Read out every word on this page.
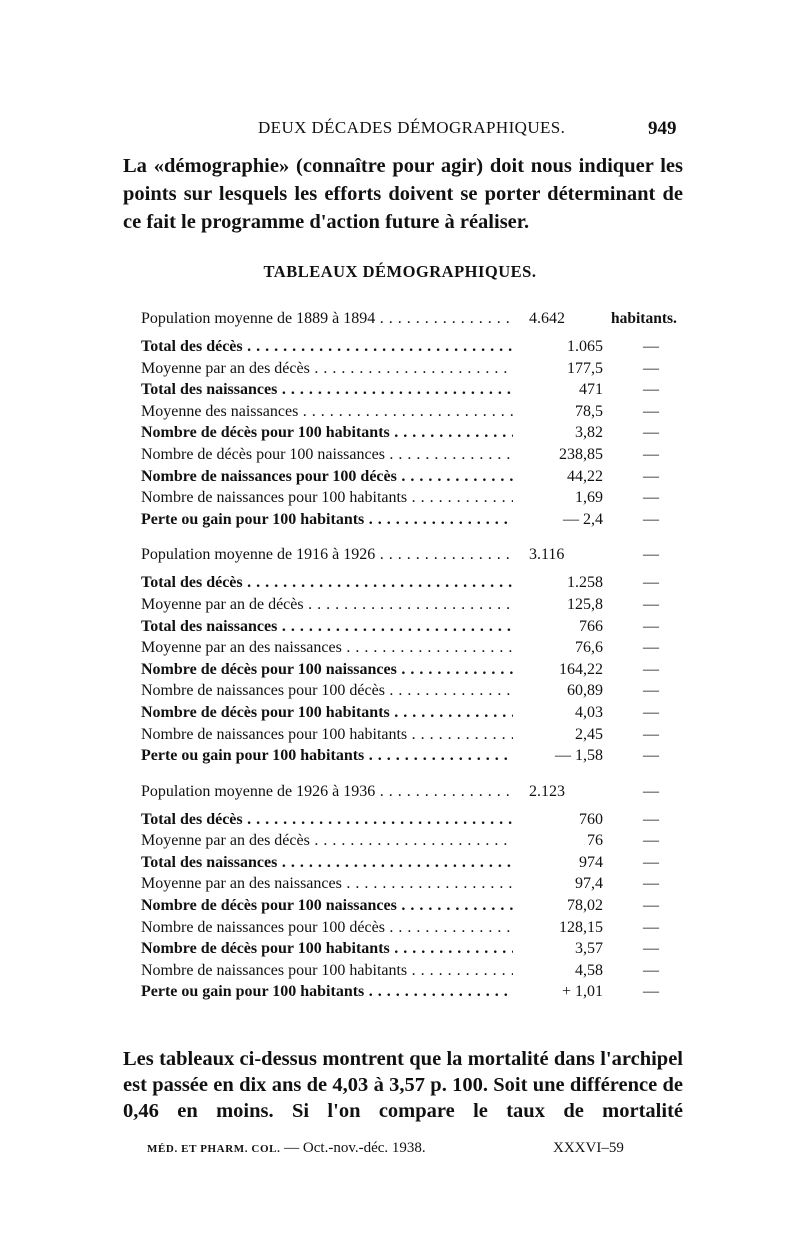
DEUX DÉCADES DÉMOGRAPHIQUES.	949

La «démographie» (connaître pour agir) doit nous indiquer les points sur lesquels les efforts doivent se porter déterminant de ce fait le programme d'action future à réaliser.

TABLEAUX DÉMOGRAPHIQUES.
Population moyenne de 1889 à 1894 . . .	4.642	habitants.
Total des décès . . .	1.065	—
Moyenne par an des décès . . .	177,5	—
Total des naissances . . .	471	—
Moyenne des naissances . . .	78,5	—
Nombre de décès pour 100 habitants . . .	3,82	—
Nombre de décès pour 100 naissances . . .	238,85	—
Nombre de naissances pour 100 décès . . .	44,22	—
Nombre de naissances pour 100 habitants . . .	1,69	—
Perte ou gain pour 100 habitants . . .	— 2,4	—
Population moyenne de 1916 à 1926 . . .	3.116	—
Total des décès . . .	1.258	—
Moyenne par an de décès . . .	125,8	—
Total des naissances . . .	766	—
Moyenne par an des naissances . . .	76,6	—
Nombre de décès pour 100 naissances . . .	164,22	—
Nombre de naissances pour 100 décès . . .	60,89	—
Nombre de décès pour 100 habitants . . .	4,03	—
Nombre de naissances pour 100 habitants . . .	2,45	—
Perte ou gain pour 100 habitants . . .	— 1,58	—
Population moyenne de 1926 à 1936 . . .	2.123	—
Total des décès . . .	760	—
Moyenne par an des décès . . .	76	—
Total des naissances . . .	974	—
Moyenne par an des naissances . . .	97,4	—
Nombre de décès pour 100 naissances . . .	78,02	—
Nombre de naissances pour 100 décès . . .	128,15	—
Nombre de décès pour 100 habitants . . .	3,57	—
Nombre de naissances pour 100 habitants . . .	4,58	—
Perte ou gain pour 100 habitants . . .	+ 1,01	—

Les tableaux ci-dessus montrent que la mortalité dans l'archipel est passée en dix ans de 4,03 à 3,57 p. 100. Soit une différence de 0,46 en moins. Si l'on compare le taux de mortalité

MÉD. ET PHARM. COL. — Oct.-nov.-déc. 1938.	XXXVI–59
